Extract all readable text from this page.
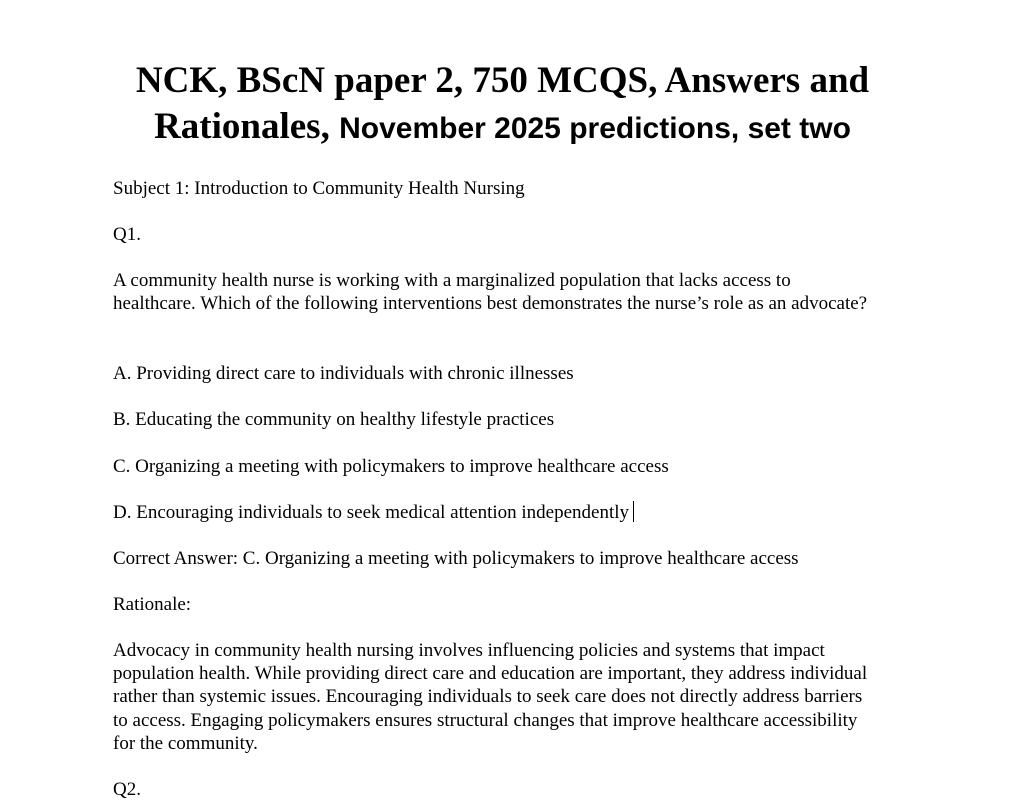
NCK, BScN paper 2, 750 MCQS, Answers and
Rationales, November 2025 predictions, set two

Subject 1: Introduction to Community Health Nursing

Q1.

A community health nurse is working with a marginalized population that lacks access to healthcare. Which of the following interventions best demonstrates the nurse’s role as an advocate?

A. Providing direct care to individuals with chronic illnesses

B. Educating the community on healthy lifestyle practices

C. Organizing a meeting with policymakers to improve healthcare access

D. Encouraging individuals to seek medical attention independently

Correct Answer: C. Organizing a meeting with policymakers to improve healthcare access

Rationale:

Advocacy in community health nursing involves influencing policies and systems that impact population health. While providing direct care and education are important, they address individual rather than systemic issues. Encouraging individuals to seek care does not directly address barriers to access. Engaging policymakers ensures structural changes that improve healthcare accessibility for the community.

Q2.
